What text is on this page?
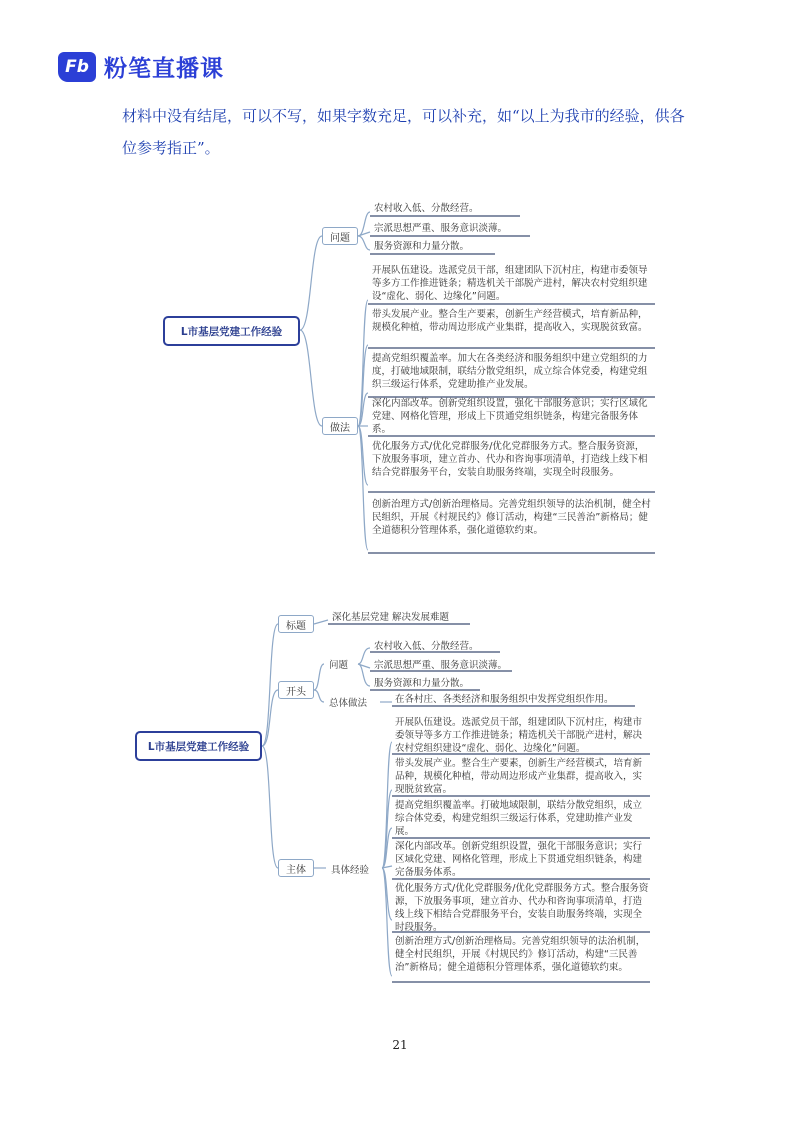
Fb 粉笔直播课
材料中没有结尾，可以不写，如果字数充足，可以补充，如“以上为我市的经验，供各位参考指正”。
L市基层党建工作经验
问题
做法
农村收入低、分散经营。
宗派思想严重、服务意识淡薄。
服务资源和力量分散。
开展队伍建设。选派党员干部，组建团队下沉村庄，构建市委领导等多方工作推进链条；精选机关干部脱产进村，解决农村党组织建设“虚化、弱化、边缘化”问题。
带头发展产业。整合生产要素，创新生产经营模式，培育新品种，规模化种植，带动周边形成产业集群，提高收入，实现脱贫致富。
提高党组织覆盖率。加大在各类经济和服务组织中建立党组织的力度，打破地域限制，联结分散党组织，成立综合体党委，构建党组织三级运行体系，党建助推产业发展。
深化内部改革。创新党组织设置，强化干部服务意识；实行区域化党建、网格化管理，形成上下贯通党组织链条，构建完备服务体系。
优化服务方式/优化党群服务/优化党群服务方式。整合服务资源，下放服务事项，建立首办、代办和咨询事项清单，打造线上线下相结合党群服务平台，安装自助服务终端，实现全时段服务。
创新治理方式/创新治理格局。完善党组织领导的法治机制，健全村民组织，开展《村规民约》修订活动，构建“三民善治”新格局；健全道德积分管理体系，强化道德软约束。
L市基层党建工作经验
标题
开头
主体
深化基层党建 解决发展难题
问题
总体做法
具体经验
农村收入低、分散经营。
宗派思想严重、服务意识淡薄。
服务资源和力量分散。
在各村庄、各类经济和服务组织中发挥党组织作用。
开展队伍建设。选派党员干部，组建团队下沉村庄，构建市委领导等多方工作推进链条；精选机关干部脱产进村，解决农村党组织建设“虚化、弱化、边缘化”问题。
带头发展产业。整合生产要素，创新生产经营模式，培育新品种，规模化种植，带动周边形成产业集群，提高收入，实现脱贫致富。
提高党组织覆盖率。打破地域限制，联结分散党组织，成立综合体党委，构建党组织三级运行体系，党建助推产业发展。
深化内部改革。创新党组织设置，强化干部服务意识；实行区域化党建、网格化管理，形成上下贯通党组织链条，构建完备服务体系。
优化服务方式/优化党群服务/优化党群服务方式。整合服务资源，下放服务事项，建立首办、代办和咨询事项清单，打造线上线下相结合党群服务平台，安装自助服务终端，实现全时段服务。
创新治理方式/创新治理格局。完善党组织领导的法治机制，健全村民组织，开展《村规民约》修订活动，构建“三民善治”新格局；健全道德积分管理体系，强化道德软约束。
21
